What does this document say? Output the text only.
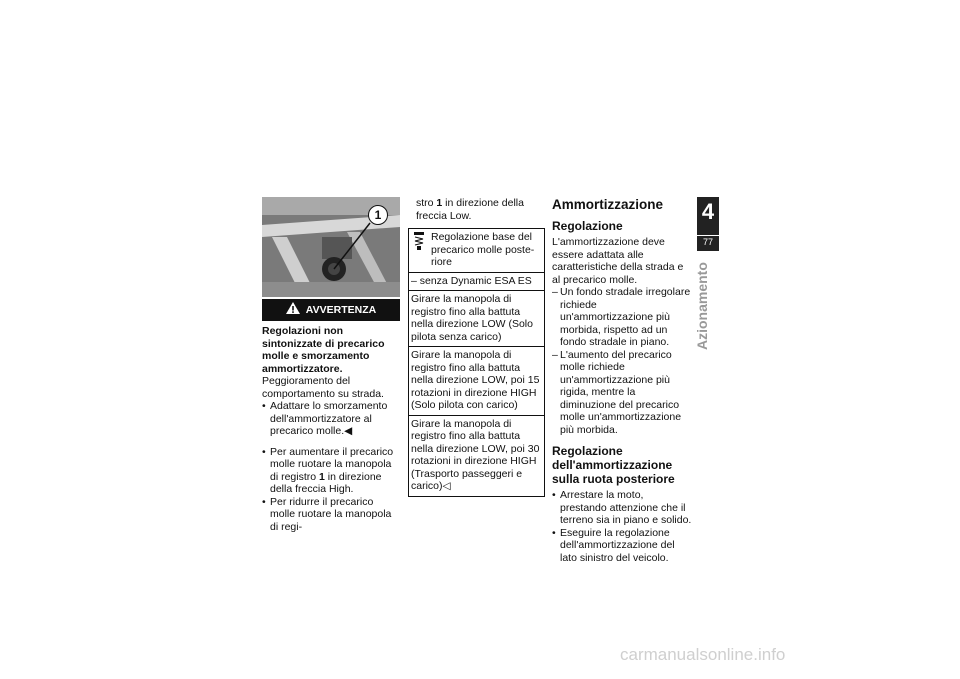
1
AVVERTENZA

Regolazioni non sintonizzate di precarico molle e smorzamento ammortizzatore.

Peggioramento del comportamento su strada.

• Adattare lo smorzamento dell'ammortizzatore al precarico molle.◀
• Per aumentare il precarico molle ruotare la manopola di registro 1 in direzione della freccia High.
• Per ridurre il precarico molle ruotare la manopola di regi-

stro 1 in direzione della freccia Low.

Regolazione base del precarico molle posteriore
– senza Dynamic ESA ES
Girare la manopola di registro fino alla battuta nella direzione LOW (Solo pilota senza carico)
Girare la manopola di registro fino alla battuta nella direzione LOW, poi 15 rotazioni in direzione HIGH (Solo pilota con carico)
Girare la manopola di registro fino alla battuta nella direzione LOW, poi 30 rotazioni in direzione HIGH (Trasporto passeggeri e carico)◁
Ammortizzazione
Regolazione

L'ammortizzazione deve essere adattata alle caratteristiche della strada e al precarico molle.

– Un fondo stradale irregolare richiede un'ammortizzazione più morbida, rispetto ad un fondo stradale in piano.
– L'aumento del precarico molle richiede un'ammortizzazione più rigida, mentre la diminuzione del precarico molle un'ammortizzazione più morbida.
Regolazione dell'ammortizzazione sulla ruota posteriore
• Arrestare la moto, prestando attenzione che il terreno sia in piano e solido.
• Eseguire la regolazione dell'ammortizzazione del lato sinistro del veicolo.
4
77
Azionamento
carmanualsonline.info
